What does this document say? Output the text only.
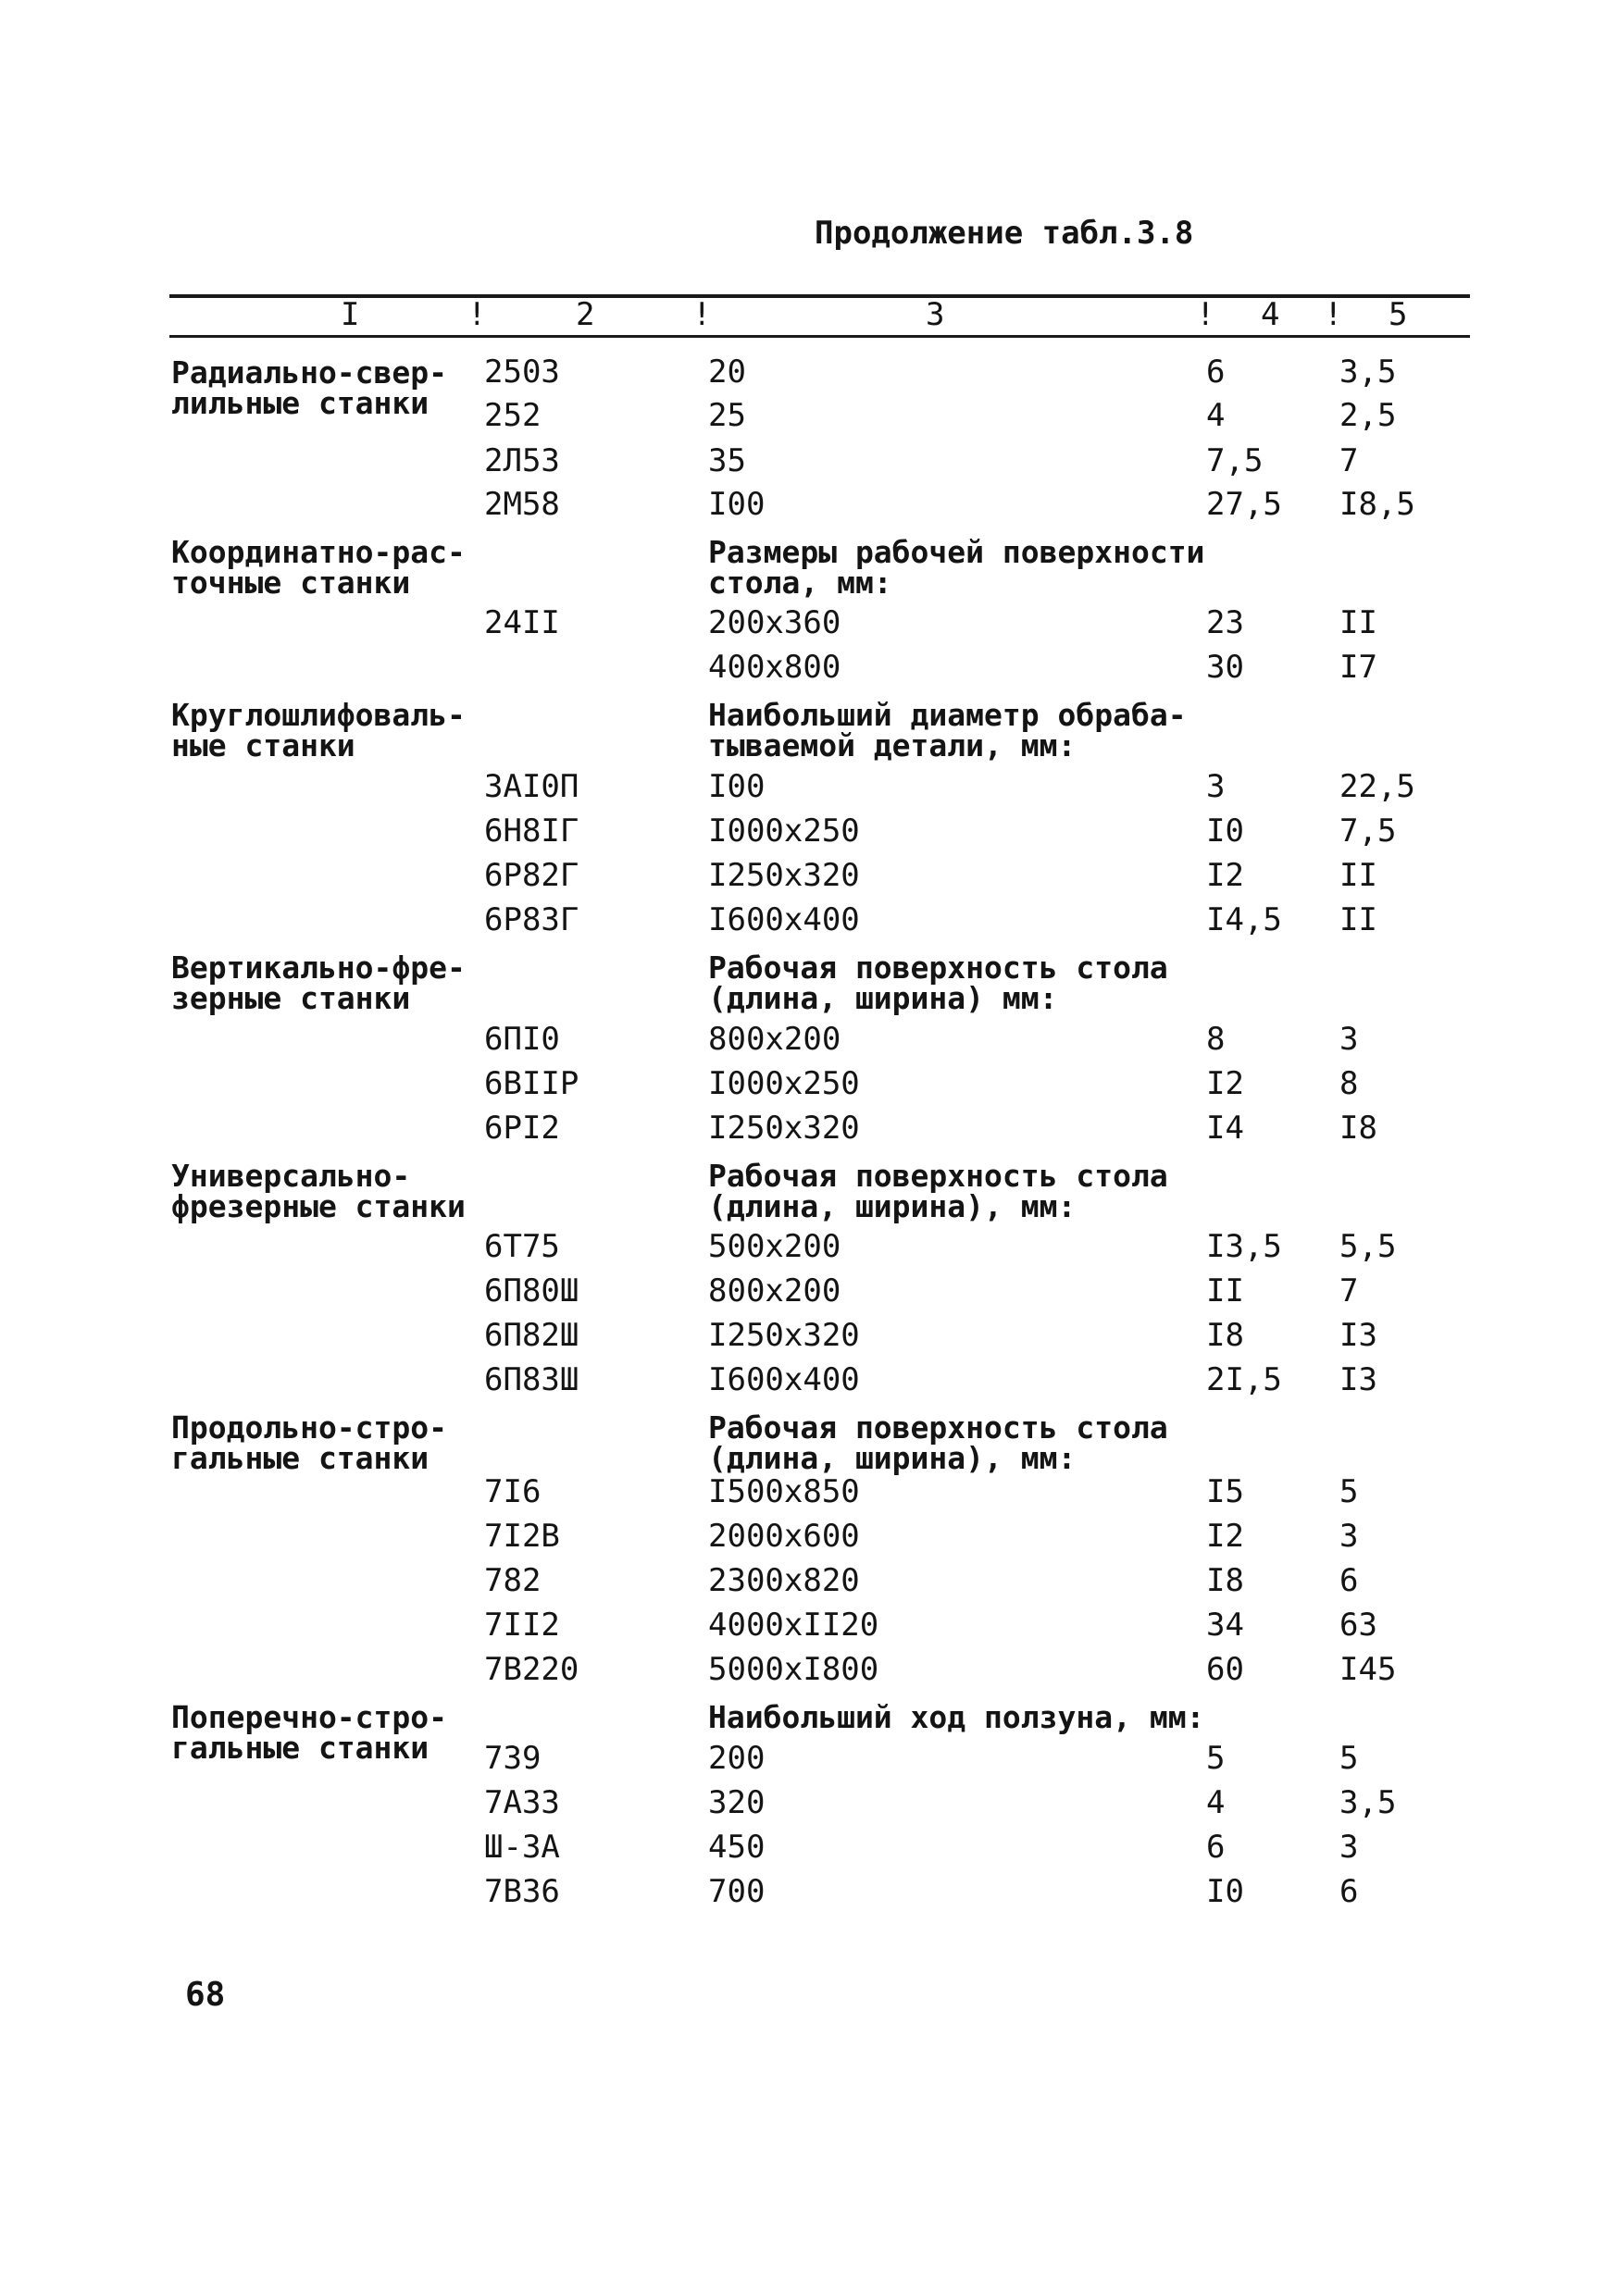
Продолжение табл.3.8
I	!	2	!	3	! 4 ! 5
Радиально-свер-
лильные станки
2503	20	6	3,5
252	25	4	2,5
2Л53	35	7,5 7
2М58	I00	27,5 I8,5
Координатно-рас-
точные станки
Размеры рабочей поверхности
стола, мм:
24II	200x360	23	II
400x800	30	I7
Круглошлифоваль-
ные станки
Наибольший диаметр обраба-
тываемой детали, мм:
3АI0П	I00	3	22,5
6Н8IГ	I000x250	I0	7,5
6Р82Г	I250x320	I2	II
6Р83Г	I600x400	I4,5 II
Вертикально-фре-
зерные станки
Рабочая поверхность стола
(длина, ширина) мм:
6ПI0	800x200	8	3
6ВIIР	I000x250	I2	8
6РI2	I250x320	I4	I8
Универсально-
фрезерные станки
Рабочая поверхность стола
(длина, ширина), мм:
6Т75	500x200	I3,5 5,5
6П80Ш	800x200	II	7
6П82Ш	I250x320	I8	I3
6П83Ш	I600x400	2I,5 I3
Продольно-стро-
гальные станки
Рабочая поверхность стола
(длина, ширина), мм:
7I6	I500x850	I5	5
7I2В	2000x600	I2	3
782	2300x820	I8	6
7II2	4000xII20	34	63
7В220	5000xI800	60	I45
Поперечно-стро-
гальные станки
Наибольший ход ползуна, мм:
739	200	5	5
7А33	320	4	3,5
Ш-3А	450	6	3
7В36	700	I0	6
68
